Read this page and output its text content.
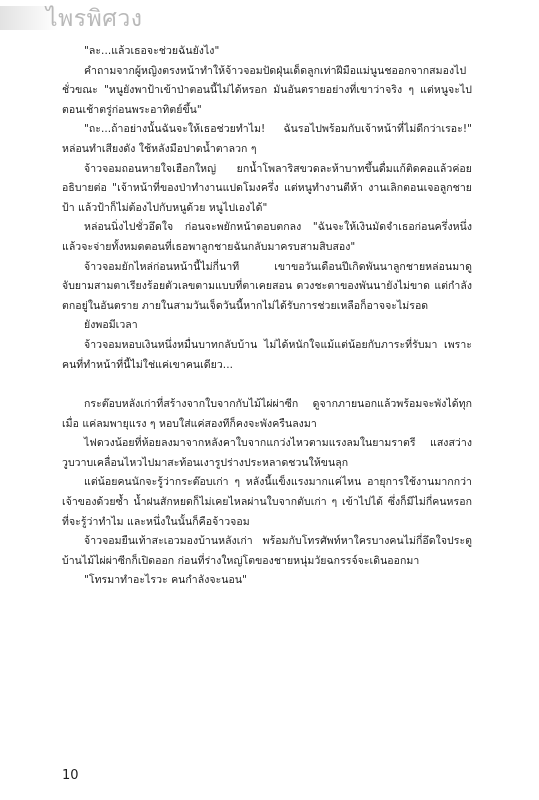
ไพรพิศวง

"ละ...แล้วเธอจะช่วยฉันยังไง"

คำถามจากผู้หญิงตรงหน้าทำให้จ้าวจอมปัดฝุ่นเด็ดลูกเท่าฝีมือแม่นูนชออกจากสมองไปชั่วขณะ "หนูยังพาป้าเข้าป่าตอนนี้ไม่ได้หรอก มันอันตรายอย่างที่เขาว่าจริง ๆ แต่หนูจะไปตอนเช้าตรู่ก่อนพระอาทิตย์ขึ้น"

"ถะ...ถ้าอย่างนั้นฉันจะให้เธอช่วยทำไม! ฉันรอไปพร้อมกับเจ้าหน้าที่ไม่ดีกว่าเรอะ!" หล่อนทำเสียงดัง ใช้หลังมือปาดน้ำตาลวก ๆ

จ้าวจอมถอนหายใจเฮือกใหญ่ ยกน้ำโพลาริสขวดละห้าบาทขึ้นดื่มแก้ติดคอแล้วค่อยอธิบายต่อ "เจ้าหน้าที่ของป่าทำงานแปดโมงครึ่ง แต่หนูทำงานตีห้า งานเลิกตอนเจอลูกชายป้า แล้วป้าก็ไม่ต้องไปกับหนูด้วย หนูไปเองได้"

หล่อนนิ่งไปชั่วอึดใจ ก่อนจะพยักหน้าตอบตกลง "ฉันจะให้เงินมัดจำเธอก่อนครึ่งหนึ่ง แล้วจะจ่ายทั้งหมดตอนที่เธอพาลูกชายฉันกลับมาครบสามสิบสอง"

จ้าวจอมยักไหล่ก่อนหน้านี้ไม่กี่นาที เขาขอวันเดือนปีเกิดพันนาลูกชายหล่อนมาดู จับยามสามตาเรียงร้อยตัวเลขตามแบบที่ตาเคยสอน ดวงชะตาของพันนายังไม่ขาด แต่กำลังตกอยู่ในอันตราย ภายในสามวันเจ็ดวันนี้หากไม่ได้รับการช่วยเหลือก็อาจจะไม่รอด

ยังพอมีเวลา

จ้าวจอมหอบเงินหนึ่งหมื่นบาทกลับบ้าน ไม่ได้หนักใจแม้แต่น้อยกับภาระที่รับมา เพราะคนที่ทำหน้าที่นี้ไม่ใช่แค่เขาคนเดียว...

กระต๊อบหลังเก่าที่สร้างจากใบจากกับไม้ไผ่ผ่าซีก ดูจากภายนอกแล้วพร้อมจะพังได้ทุกเมื่อ แค่ลมพายุแรง ๆ หอบใส่แค่สองทีก็คงจะพังครืนลงมา

ไฟดวงน้อยที่ห้อยลงมาจากหลังคาใบจากแกว่งไหวตามแรงลมในยามราตรี แสงสว่างวูบวาบเคลื่อนไหวไปมาสะท้อนเงารูปร่างประหลาดชวนให้ขนลุก

แต่น้อยคนนักจะรู้ว่ากระต๊อบเก่า ๆ หลังนี้แข็งแรงมากแค่ไหน อายุการใช้งานมากกว่าเจ้าของด้วยซ้ำ น้ำฝนสักหยดก็ไม่เคยไหลผ่านใบจากตับเก่า ๆ เข้าไปได้ ซึ่งก็มีไม่กี่คนหรอกที่จะรู้ว่าทำไม และหนึ่งในนั้นก็คือจ้าวจอม

จ้าวจอมยืนเท้าสะเอวมองบ้านหลังเก่า พร้อมกับโทรศัพท์หาใครบางคนไม่กี่อึดใจประตูบ้านไม้ไผ่ผ่าซีกก็เปิดออก ก่อนที่ร่างใหญ่โตของชายหนุ่มวัยฉกรรจ์จะเดินออกมา

"โทรมาทำอะไรวะ คนกำลังจะนอน"

10
